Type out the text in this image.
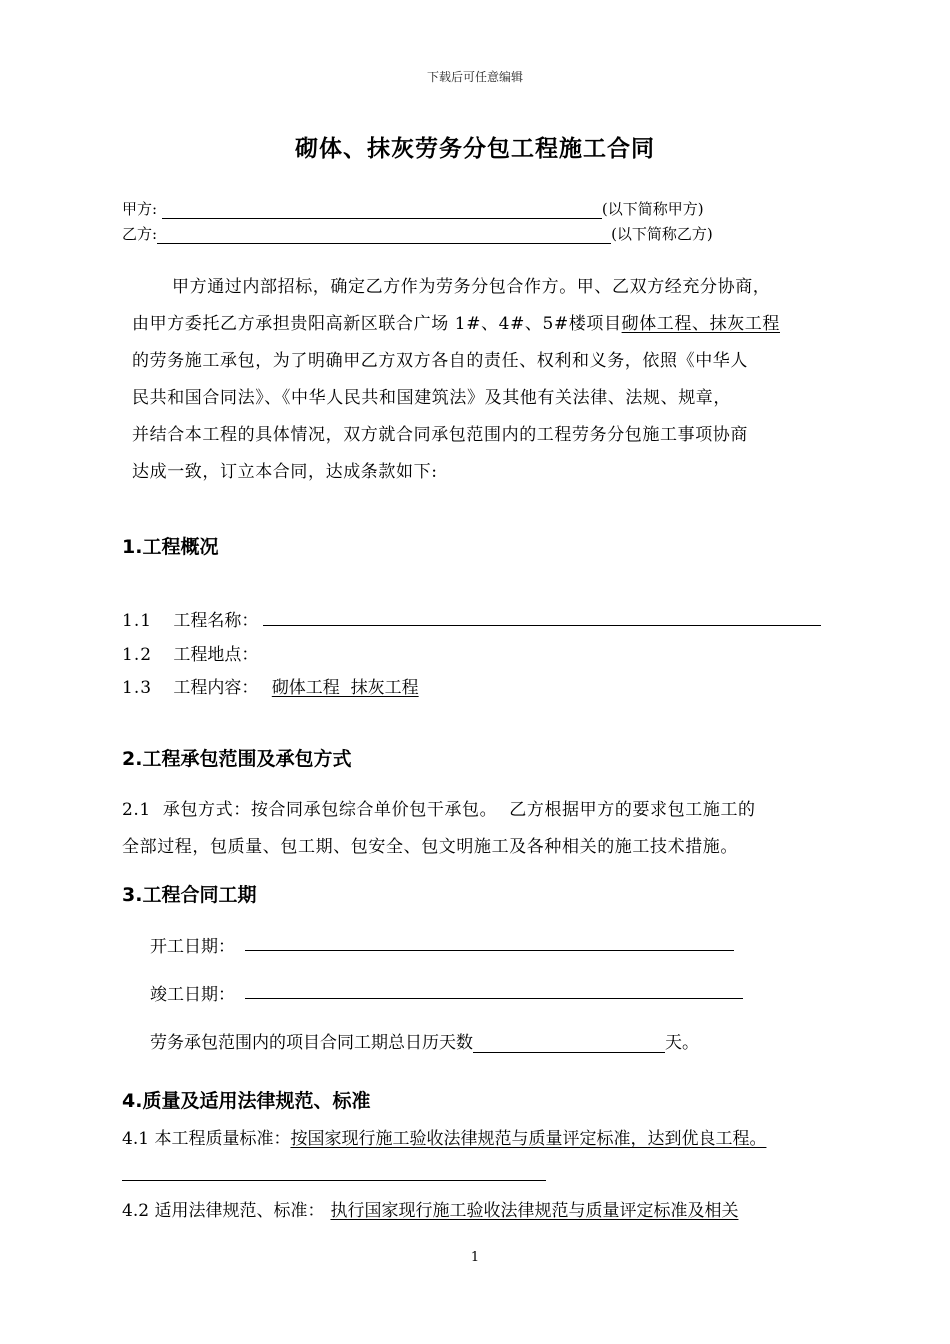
下载后可任意编辑
砌体、抹灰劳务分包工程施工合同
甲方:	(以下简称甲方)
乙方:	(以下简称乙方)
甲方通过内部招标，确定乙方作为劳务分包合作方。甲、乙双方经充分协商，
由甲方委托乙方承担贵阳高新区联合广场 1#、4#、5#楼项目砌体工程、抹灰工程
的劳务施工承包，为了明确甲乙方双方各自的责任、权利和义务，依照《中华人
民共和国合同法》、《中华人民共和国建筑法》及其他有关法律、法规、规章，
并结合本工程的具体情况，双方就合同承包范围内的工程劳务分包施工事项协商
达成一致，订立本合同，达成条款如下:
1.工程概况
1.1 工程名称：
1.2 工程地点：
1.3 工程内容： 砌体工程  抹灰工程
2.工程承包范围及承包方式
2.1  承包方式：按合同承包综合单价包干承包。  乙方根据甲方的要求包工施工的
全部过程，包质量、包工期、包安全、包文明施工及各种相关的施工技术措施。
3.工程合同工期
开工日期：
竣工日期：
劳务承包范围内的项目合同工期总日历天数	天。
4.质量及适用法律规范、标准
4.1 本工程质量标准：按国家现行施工验收法律规范与质量评定标准，达到优良工程。
4.2 适用法律规范、标准： 执行国家现行施工验收法律规范与质量评定标准及相关
1
